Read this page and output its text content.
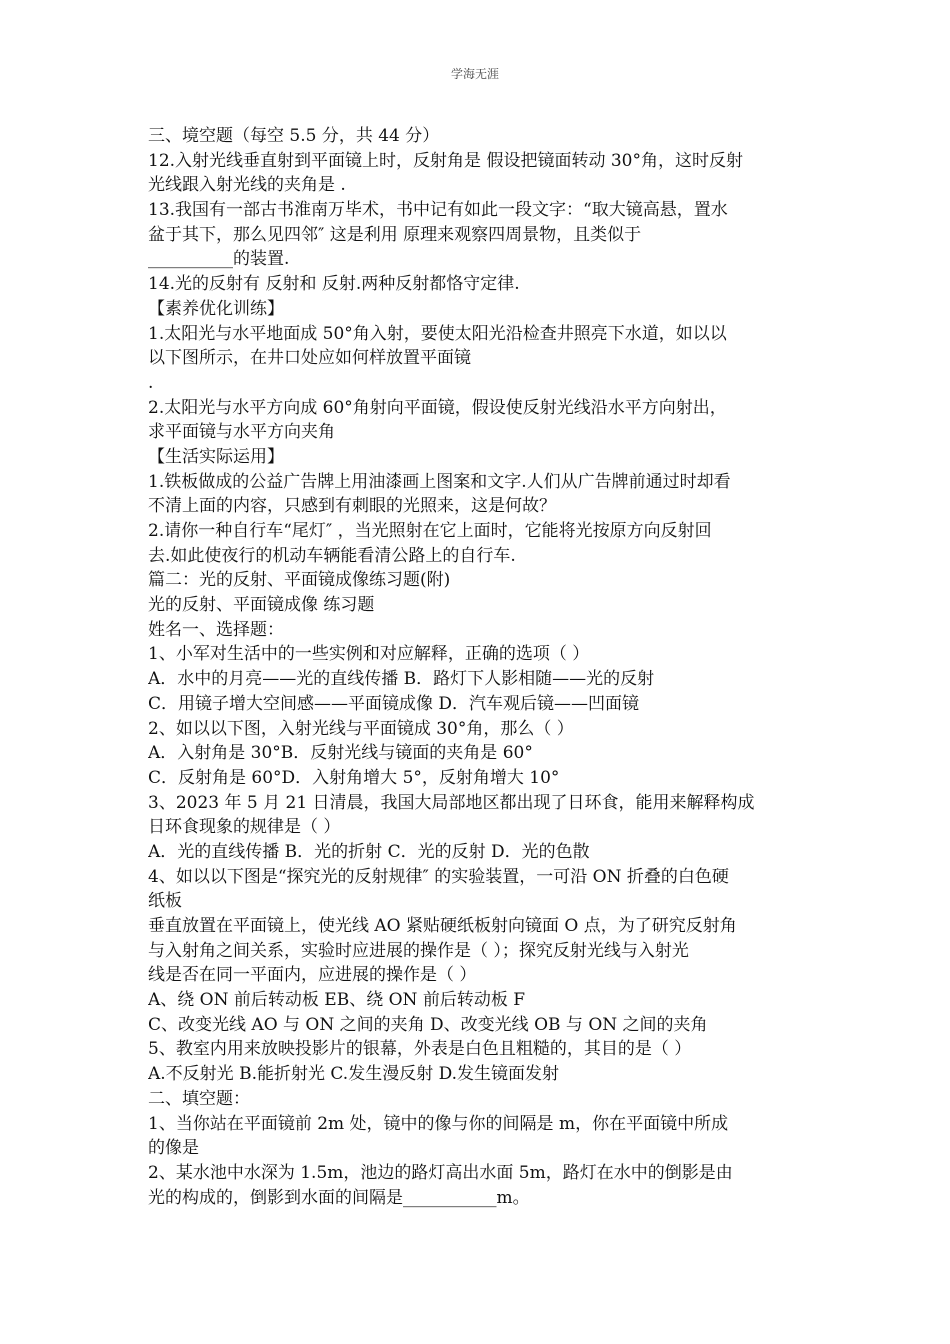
学海无涯
三、境空题（每空 5.5 分，共 44 分）
12.入射光线垂直射到平面镜上时，反射角是 假设把镜面转动 30°角，这时反射
光线跟入射光线的夹角是 .
13.我国有一部古书淮南万毕术，书中记有如此一段文字：“取大镜高悬，置水
盆于其下，那么见四邻″ 这是利用 原理来观察四周景物，且类似于
__________的装置.
14.光的反射有 反射和 反射.两种反射都恪守定律.
【素养优化训练】
1.太阳光与水平地面成 50°角入射，要使太阳光沿检查井照亮下水道，如以以
以下图所示，在井口处应如何样放置平面镜
.
2.太阳光与水平方向成 60°角射向平面镜，假设使反射光线沿水平方向射出，
求平面镜与水平方向夹角
【生活实际运用】
1.铁板做成的公益广告牌上用油漆画上图案和文字.人们从广告牌前通过时却看
不清上面的内容，只感到有刺眼的光照来，这是何故？
2.请你一种自行车“尾灯″ ，当光照射在它上面时，它能将光按原方向反射回
去.如此使夜行的机动车辆能看清公路上的自行车.
篇二：光的反射、平面镜成像练习题(附)
光的反射、平面镜成像 练习题
姓名一、选择题：
1、小军对生活中的一些实例和对应解释，正确的选项（ ）
A．水中的月亮——光的直线传播 B．路灯下人影相随——光的反射
C．用镜子增大空间感——平面镜成像 D．汽车观后镜——凹面镜
2、如以以下图，入射光线与平面镜成 30°角，那么（ ）
A．入射角是 30°B．反射光线与镜面的夹角是 60°
C．反射角是 60°D．入射角增大 5°，反射角增大 10°
3、2023 年 5 月 21 日清晨，我国大局部地区都出现了日环食，能用来解释构成
日环食现象的规律是（ ）
A．光的直线传播 B．光的折射 C．光的反射 D．光的色散
4、如以以下图是“探究光的反射规律″ 的实验装置，一可沿 ON 折叠的白色硬
纸板
垂直放置在平面镜上，使光线 AO 紧贴硬纸板射向镜面 O 点，为了研究反射角
与入射角之间关系，实验时应进展的操作是（ ）；探究反射光线与入射光
线是否在同一平面内，应进展的操作是（ ）
A、绕 ON 前后转动板 EB、绕 ON 前后转动板 F
C、改变光线 AO 与 ON 之间的夹角 D、改变光线 OB 与 ON 之间的夹角
5、教室内用来放映投影片的银幕，外表是白色且粗糙的，其目的是（ ）
A.不反射光 B.能折射光 C.发生漫反射 D.发生镜面发射
二、填空题：
1、当你站在平面镜前 2m 处，镜中的像与你的间隔是 m，你在平面镜中所成
的像是
2、某水池中水深为 1.5m，池边的路灯高出水面 5m，路灯在水中的倒影是由
光的构成的，倒影到水面的间隔是___________m。
